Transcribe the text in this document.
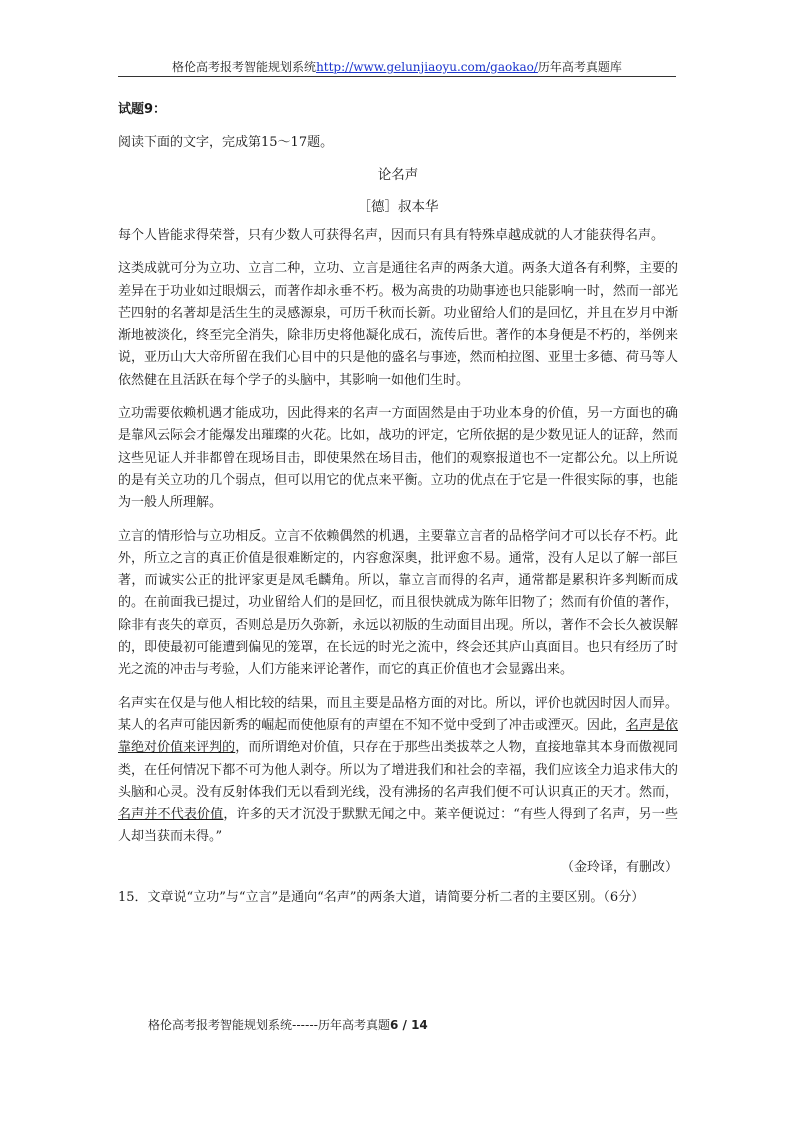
格伦高考报考智能规划系统http://www.gelunjiaoyu.com/gaokao/历年高考真题库

试题9：

阅读下面的文字，完成第15～17题。

论名声

［德］叔本华

每个人皆能求得荣誉，只有少数人可获得名声，因而只有具有特殊卓越成就的人才能获得名声。

这类成就可分为立功、立言二种，立功、立言是通往名声的两条大道。两条大道各有利弊，主要的差异在于功业如过眼烟云，而著作却永垂不朽。极为高贵的功勋事迹也只能影响一时，然而一部光芒四射的名著却是活生生的灵感源泉，可历千秋而长新。功业留给人们的是回忆，并且在岁月中渐渐地被淡化，终至完全消失，除非历史将他凝化成石，流传后世。著作的本身便是不朽的，举例来说，亚历山大大帝所留在我们心目中的只是他的盛名与事迹，然而柏拉图、亚里士多德、荷马等人依然健在且活跃在每个学子的头脑中，其影响一如他们生时。

立功需要依赖机遇才能成功，因此得来的名声一方面固然是由于功业本身的价值，另一方面也的确是靠风云际会才能爆发出璀璨的火花。比如，战功的评定，它所依据的是少数见证人的证辞，然而这些见证人并非都曾在现场目击，即使果然在场目击，他们的观察报道也不一定都公允。以上所说的是有关立功的几个弱点，但可以用它的优点来平衡。立功的优点在于它是一件很实际的事，也能为一般人所理解。

立言的情形恰与立功相反。立言不依赖偶然的机遇，主要靠立言者的品格学问才可以长存不朽。此外，所立之言的真正价值是很难断定的，内容愈深奥，批评愈不易。通常，没有人足以了解一部巨著，而诚实公正的批评家更是凤毛麟角。所以，靠立言而得的名声，通常都是累积许多判断而成的。在前面我已提过，功业留给人们的是回忆，而且很快就成为陈年旧物了；然而有价值的著作，除非有丧失的章页，否则总是历久弥新，永远以初版的生动面目出现。所以，著作不会长久被误解的，即使最初可能遭到偏见的笼罩，在长远的时光之流中，终会还其庐山真面目。也只有经历了时光之流的冲击与考验，人们方能来评论著作，而它的真正价值也才会显露出来。

名声实在仅是与他人相比较的结果，而且主要是品格方面的对比。所以，评价也就因时因人而异。某人的名声可能因新秀的崛起而使他原有的声望在不知不觉中受到了冲击或湮灭。因此，名声是依靠绝对价值来评判的，而所谓绝对价值，只存在于那些出类拔萃之人物，直接地靠其本身而傲视同类，在任何情况下都不可为他人剥夺。所以为了增进我们和社会的幸福，我们应该全力追求伟大的头脑和心灵。没有反射体我们无以看到光线，没有沸扬的名声我们便不可认识真正的天才。然而，名声并不代表价值，许多的天才沉没于默默无闻之中。莱辛便说过：“有些人得到了名声，另一些人却当获而未得。”

（金玲译，有删改）

15．文章说“立功”与“立言”是通向“名声”的两条大道，请简要分析二者的主要区别。（6分）

格伦高考报考智能规划系统------历年高考真题6 / 14
